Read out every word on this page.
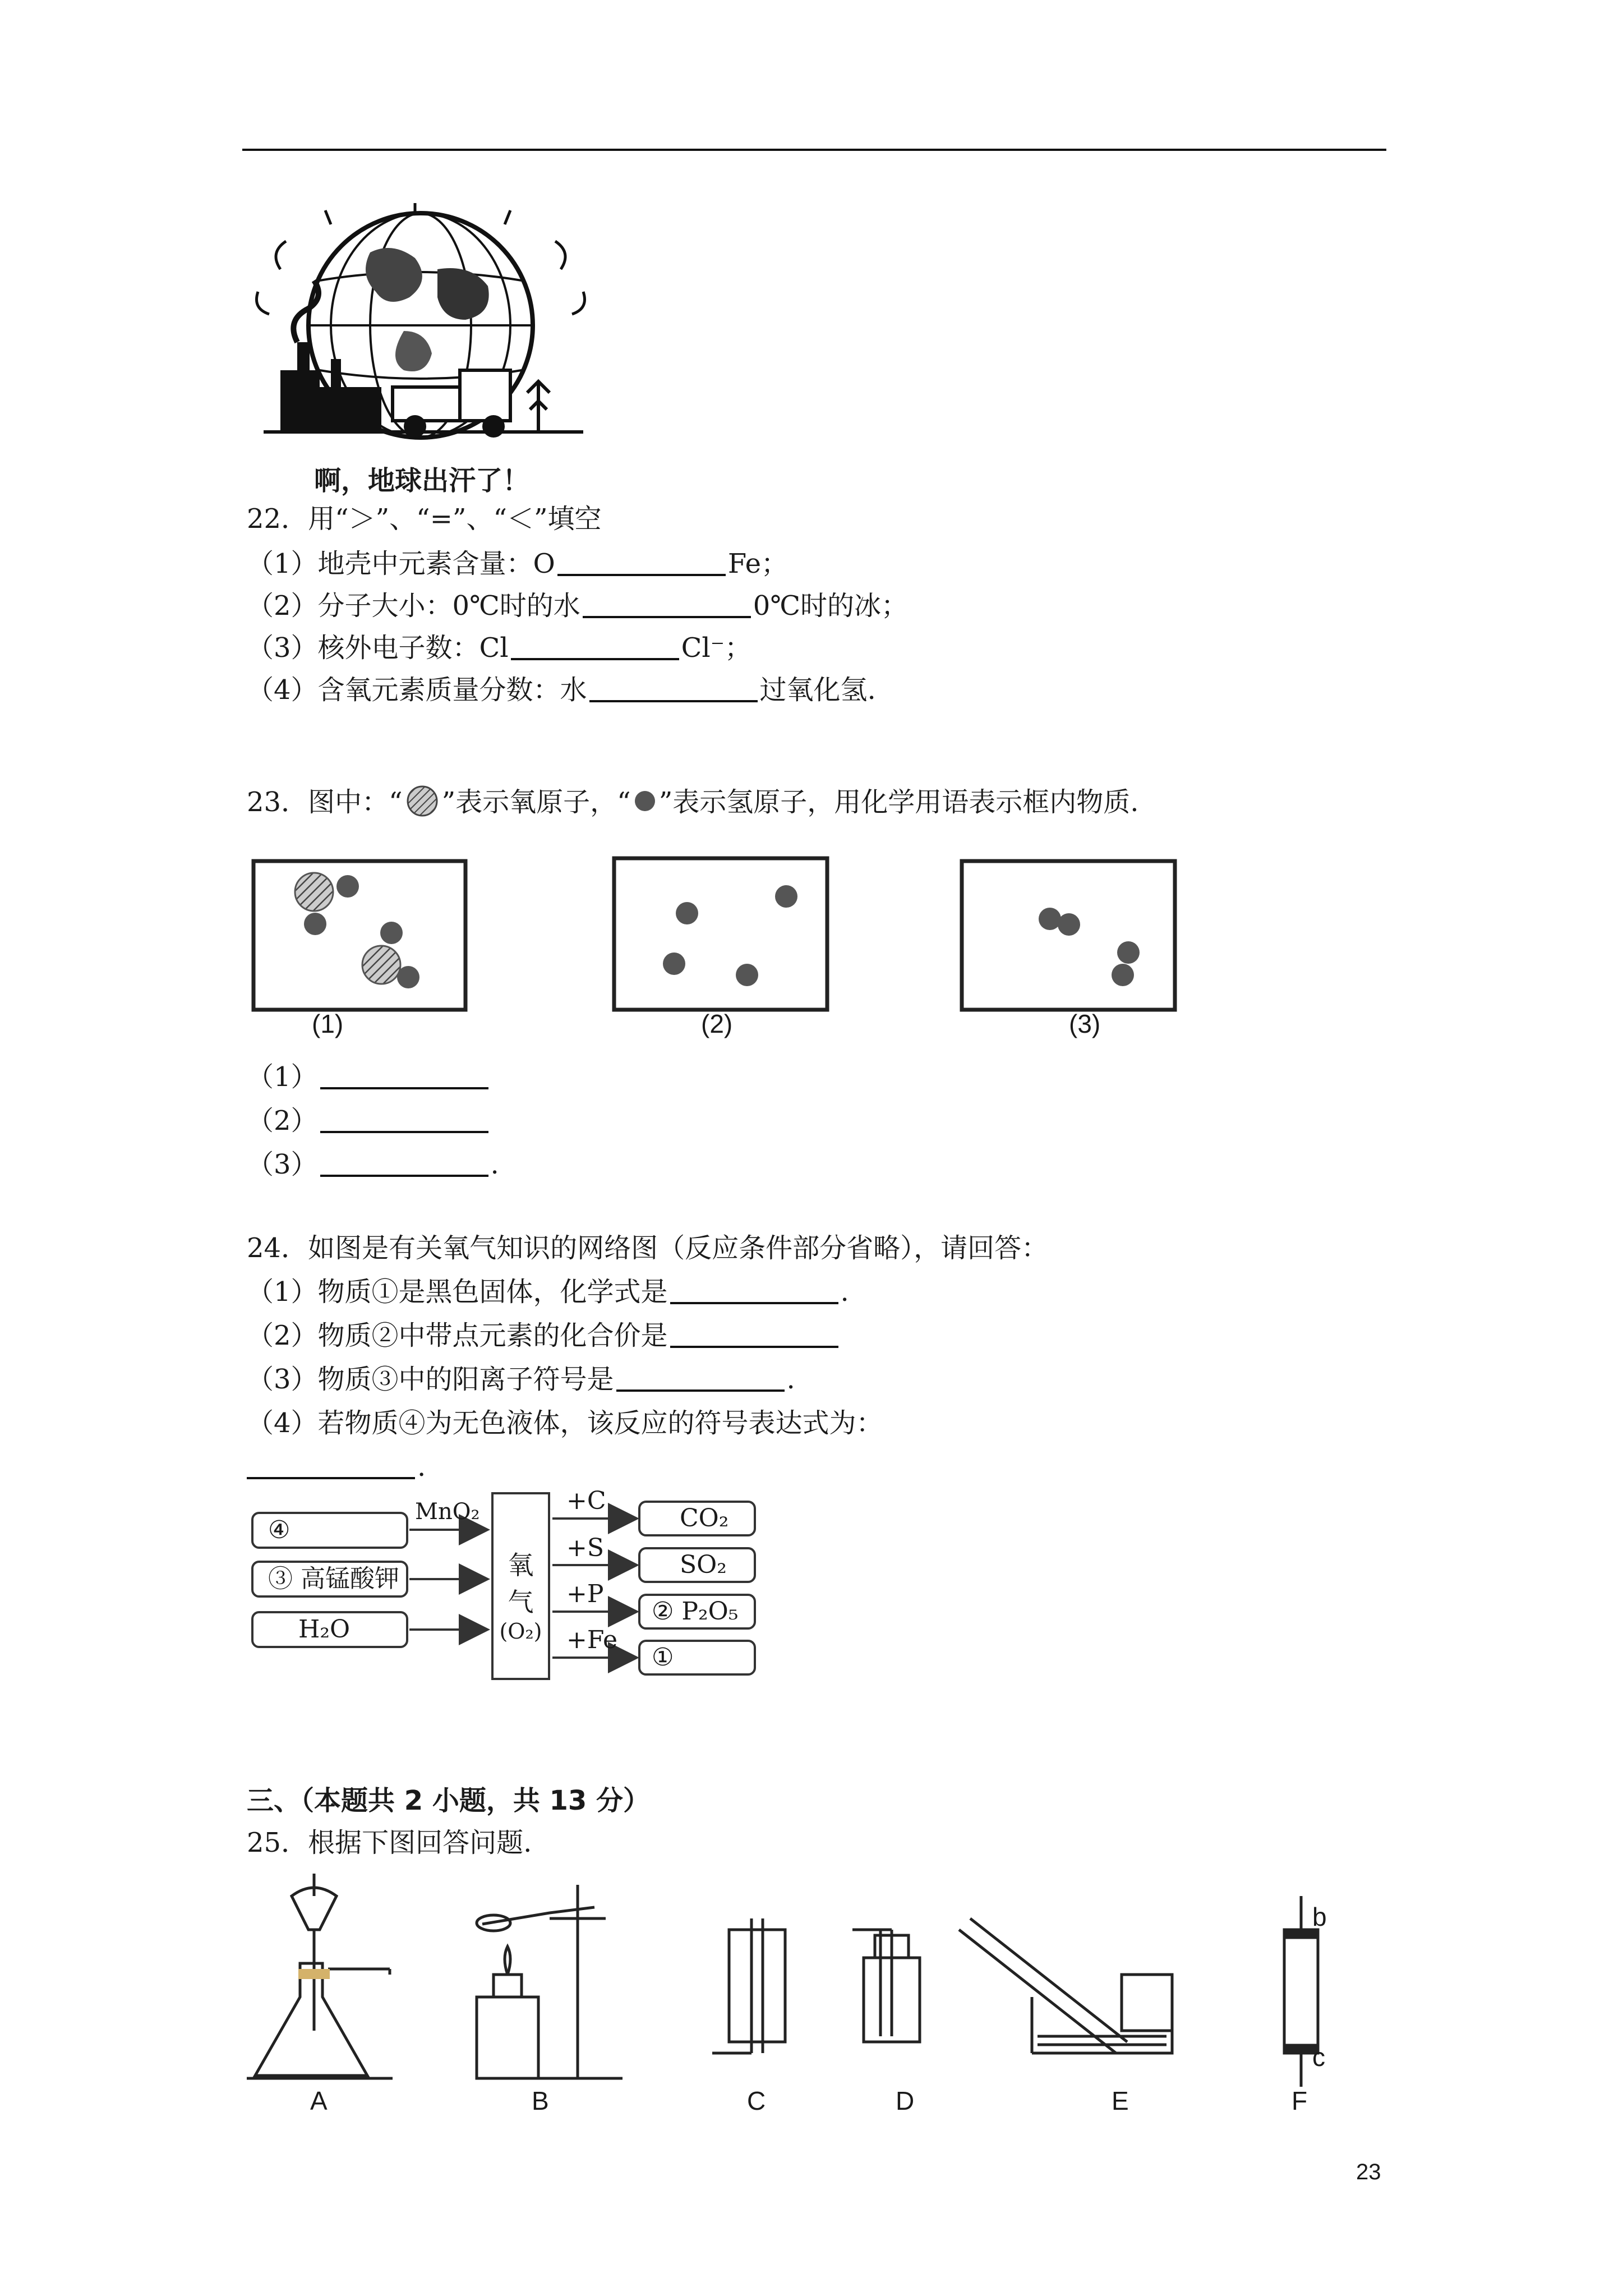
啊，地球出汗了！
22．用“＞”、“=”、“＜”填空
（1）地壳中元素含量：O	Fe；
（2）分子大小：0℃时的水	0℃时的冰；
（3）核外电子数：Cl	Cl⁻；
（4）含氧元素质量分数：水	过氧化氢.
23．图中：“ ”表示氧原子，“ ”表示氢原子，用化学用语表示框内物质.
(1)	(2)	(3)
（1）
（2）
（3）	.
24．如图是有关氧气知识的网络图（反应条件部分省略），请回答：
（1）物质①是黑色固体，化学式是	.
（2）物质②中带点元素的化合价是
（3）物质③中的阳离子符号是	.
（4）若物质④为无色液体，该反应的符号表达式为：
.
④
③ 高锰酸钾
H₂O
MnO₂
氧
气
(O₂)
+C
+S
+P
+Fe
CO₂
SO₂
② P₂O₅
①
三、（本题共 2 小题，共 13 分）
25．根据下图回答问题.
A	B	C	D	E	F
b
c
23
